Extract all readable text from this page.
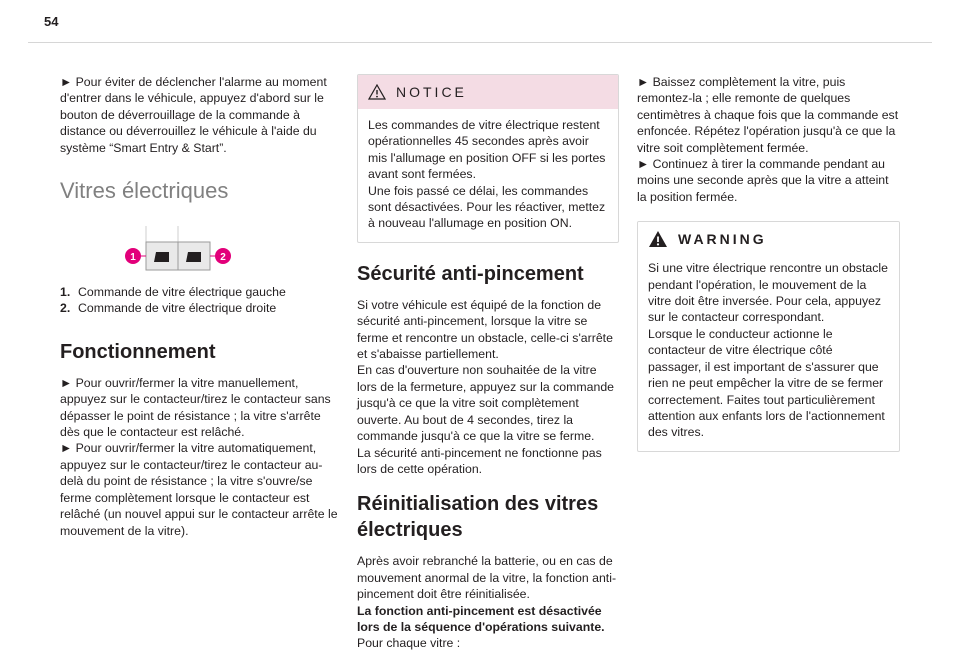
54

► Pour éviter de déclencher l'alarme au moment d'entrer dans le véhicule, appuyez d'abord sur le bouton de déverrouillage de la commande à distance ou déverrouillez le véhicule à l'aide du système “Smart Entry & Start”.

Vitres électriques
1	2
1. Commande de vitre électrique gauche
2. Commande de vitre électrique droite
Fonctionnement

► Pour ouvrir/fermer la vitre manuellement, appuyez sur le contacteur/tirez le contacteur sans dépasser le point de résistance ; la vitre s'arrête dès que le contacteur est relâché.

► Pour ouvrir/fermer la vitre automatiquement, appuyez sur le contacteur/tirez le contacteur au-delà du point de résistance ; la vitre s'ouvre/se ferme complètement lorsque le contacteur est relâché (un nouvel appui sur le contacteur arrête le mouvement de la vitre).

NOTICE

Les commandes de vitre électrique restent opérationnelles 45 secondes après avoir mis l'allumage en position OFF si les portes avant sont fermées.

Une fois passé ce délai, les commandes sont désactivées. Pour les réactiver, mettez à nouveau l'allumage en position ON.

Sécurité anti-pincement

Si votre véhicule est équipé de la fonction de sécurité anti-pincement, lorsque la vitre se ferme et rencontre un obstacle, celle-ci s'arrête et s'abaisse partiellement.

En cas d'ouverture non souhaitée de la vitre lors de la fermeture, appuyez sur la commande jusqu'à ce que la vitre soit complètement ouverte. Au bout de 4 secondes, tirez la commande jusqu'à ce que la vitre se ferme.

La sécurité anti-pincement ne fonctionne pas lors de cette opération.

Réinitialisation des vitres électriques

Après avoir rebranché la batterie, ou en cas de mouvement anormal de la vitre, la fonction anti-pincement doit être réinitialisée.

La fonction anti-pincement est désactivée lors de la séquence d'opérations suivante.

Pour chaque vitre :

► Baissez complètement la vitre, puis remontez-la ; elle remonte de quelques centimètres à chaque fois que la commande est enfoncée. Répétez l'opération jusqu'à ce que la vitre soit complètement fermée.

► Continuez à tirer la commande pendant au moins une seconde après que la vitre a atteint la position fermée.

WARNING

Si une vitre électrique rencontre un obstacle pendant l'opération, le mouvement de la vitre doit être inversée. Pour cela, appuyez sur le contacteur correspondant.

Lorsque le conducteur actionne le contacteur de vitre électrique côté passager, il est important de s'assurer que rien ne peut empêcher la vitre de se fermer correctement. Faites tout particulièrement attention aux enfants lors de l'actionnement des vitres.
